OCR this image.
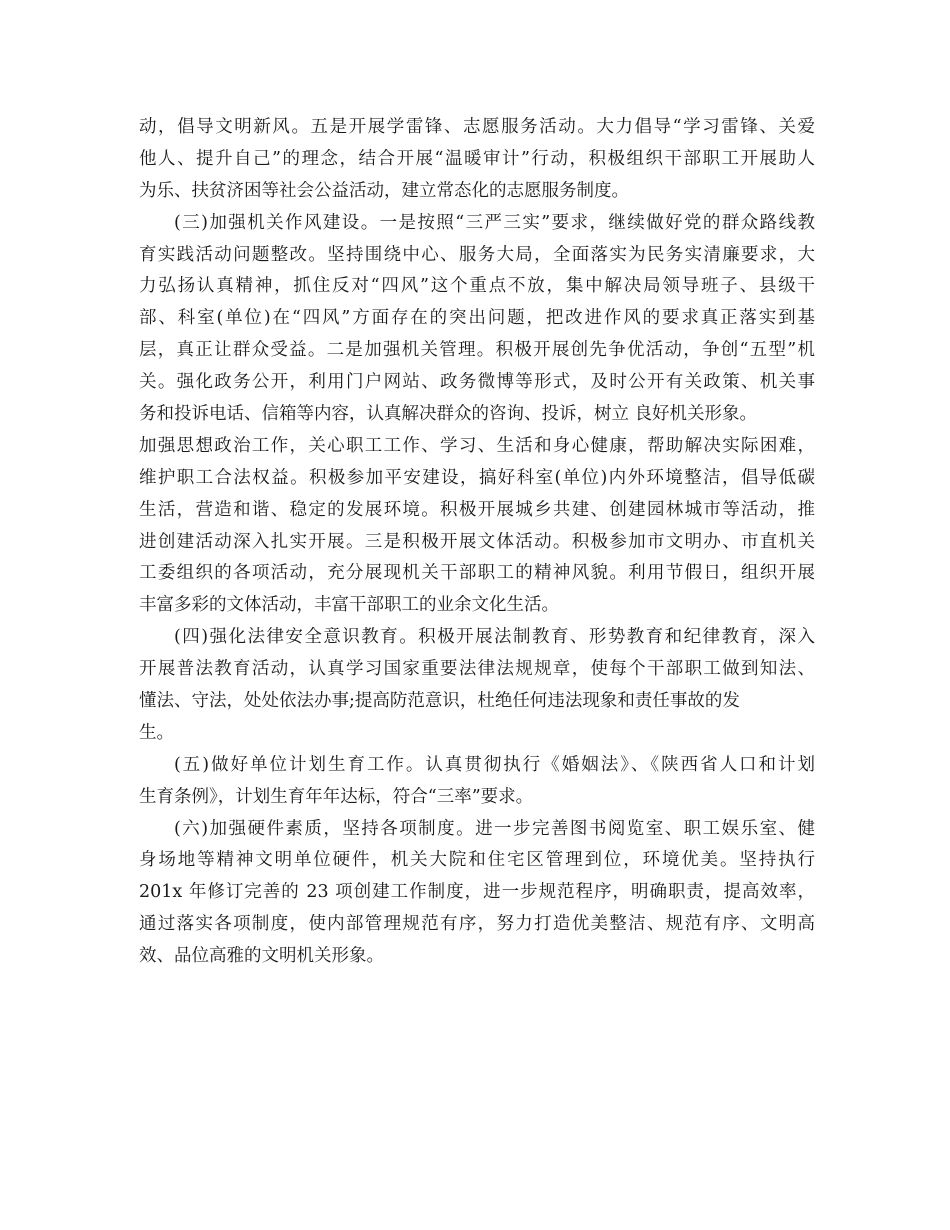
动，倡导文明新风。五是开展学雷锋、志愿服务活动。大力倡导“学习雷锋、关爱
他人、提升自己”的理念，结合开展“温暖审计”行动，积极组织干部职工开展助人
为乐、扶贫济困等社会公益活动，建立常态化的志愿服务制度。
(三)加强机关作风建设。一是按照“三严三实”要求，继续做好党的群众路线教
育实践活动问题整改。坚持围绕中心、服务大局，全面落实为民务实清廉要求，大
力弘扬认真精神，抓住反对“四风”这个重点不放，集中解决局领导班子、县级干
部、科室(单位)在“四风”方面存在的突出问题，把改进作风的要求真正落实到基
层，真正让群众受益。二是加强机关管理。积极开展创先争优活动，争创“五型”机
关。强化政务公开，利用门户网站、政务微博等形式，及时公开有关政策、机关事
务和投诉电话、信箱等内容，认真解决群众的咨询、投诉，树立 良好机关形象。
加强思想政治工作，关心职工工作、学习、生活和身心健康，帮助解决实际困难，
维护职工合法权益。积极参加平安建设，搞好科室(单位)内外环境整洁，倡导低碳
生活，营造和谐、稳定的发展环境。积极开展城乡共建、创建园林城市等活动，推
进创建活动深入扎实开展。三是积极开展文体活动。积极参加市文明办、市直机关
工委组织的各项活动，充分展现机关干部职工的精神风貌。利用节假日，组织开展
丰富多彩的文体活动，丰富干部职工的业余文化生活。
(四)强化法律安全意识教育。积极开展法制教育、形势教育和纪律教育，深入
开展普法教育活动，认真学习国家重要法律法规规章，使每个干部职工做到知法、
懂法、守法，处处依法办事;提高防范意识，杜绝任何违法现象和责任事故的发
生。
(五)做好单位计划生育工作。认真贯彻执行《婚姻法》、《陕西省人口和计划
生育条例》，计划生育年年达标，符合“三率”要求。
(六)加强硬件素质，坚持各项制度。进一步完善图书阅览室、职工娱乐室、健
身场地等精神文明单位硬件，机关大院和住宅区管理到位，环境优美。坚持执行
201x 年修订完善的 23 项创建工作制度，进一步规范程序，明确职责，提高效率，
通过落实各项制度，使内部管理规范有序，努力打造优美整洁、规范有序、文明高
效、品位高雅的文明机关形象。
